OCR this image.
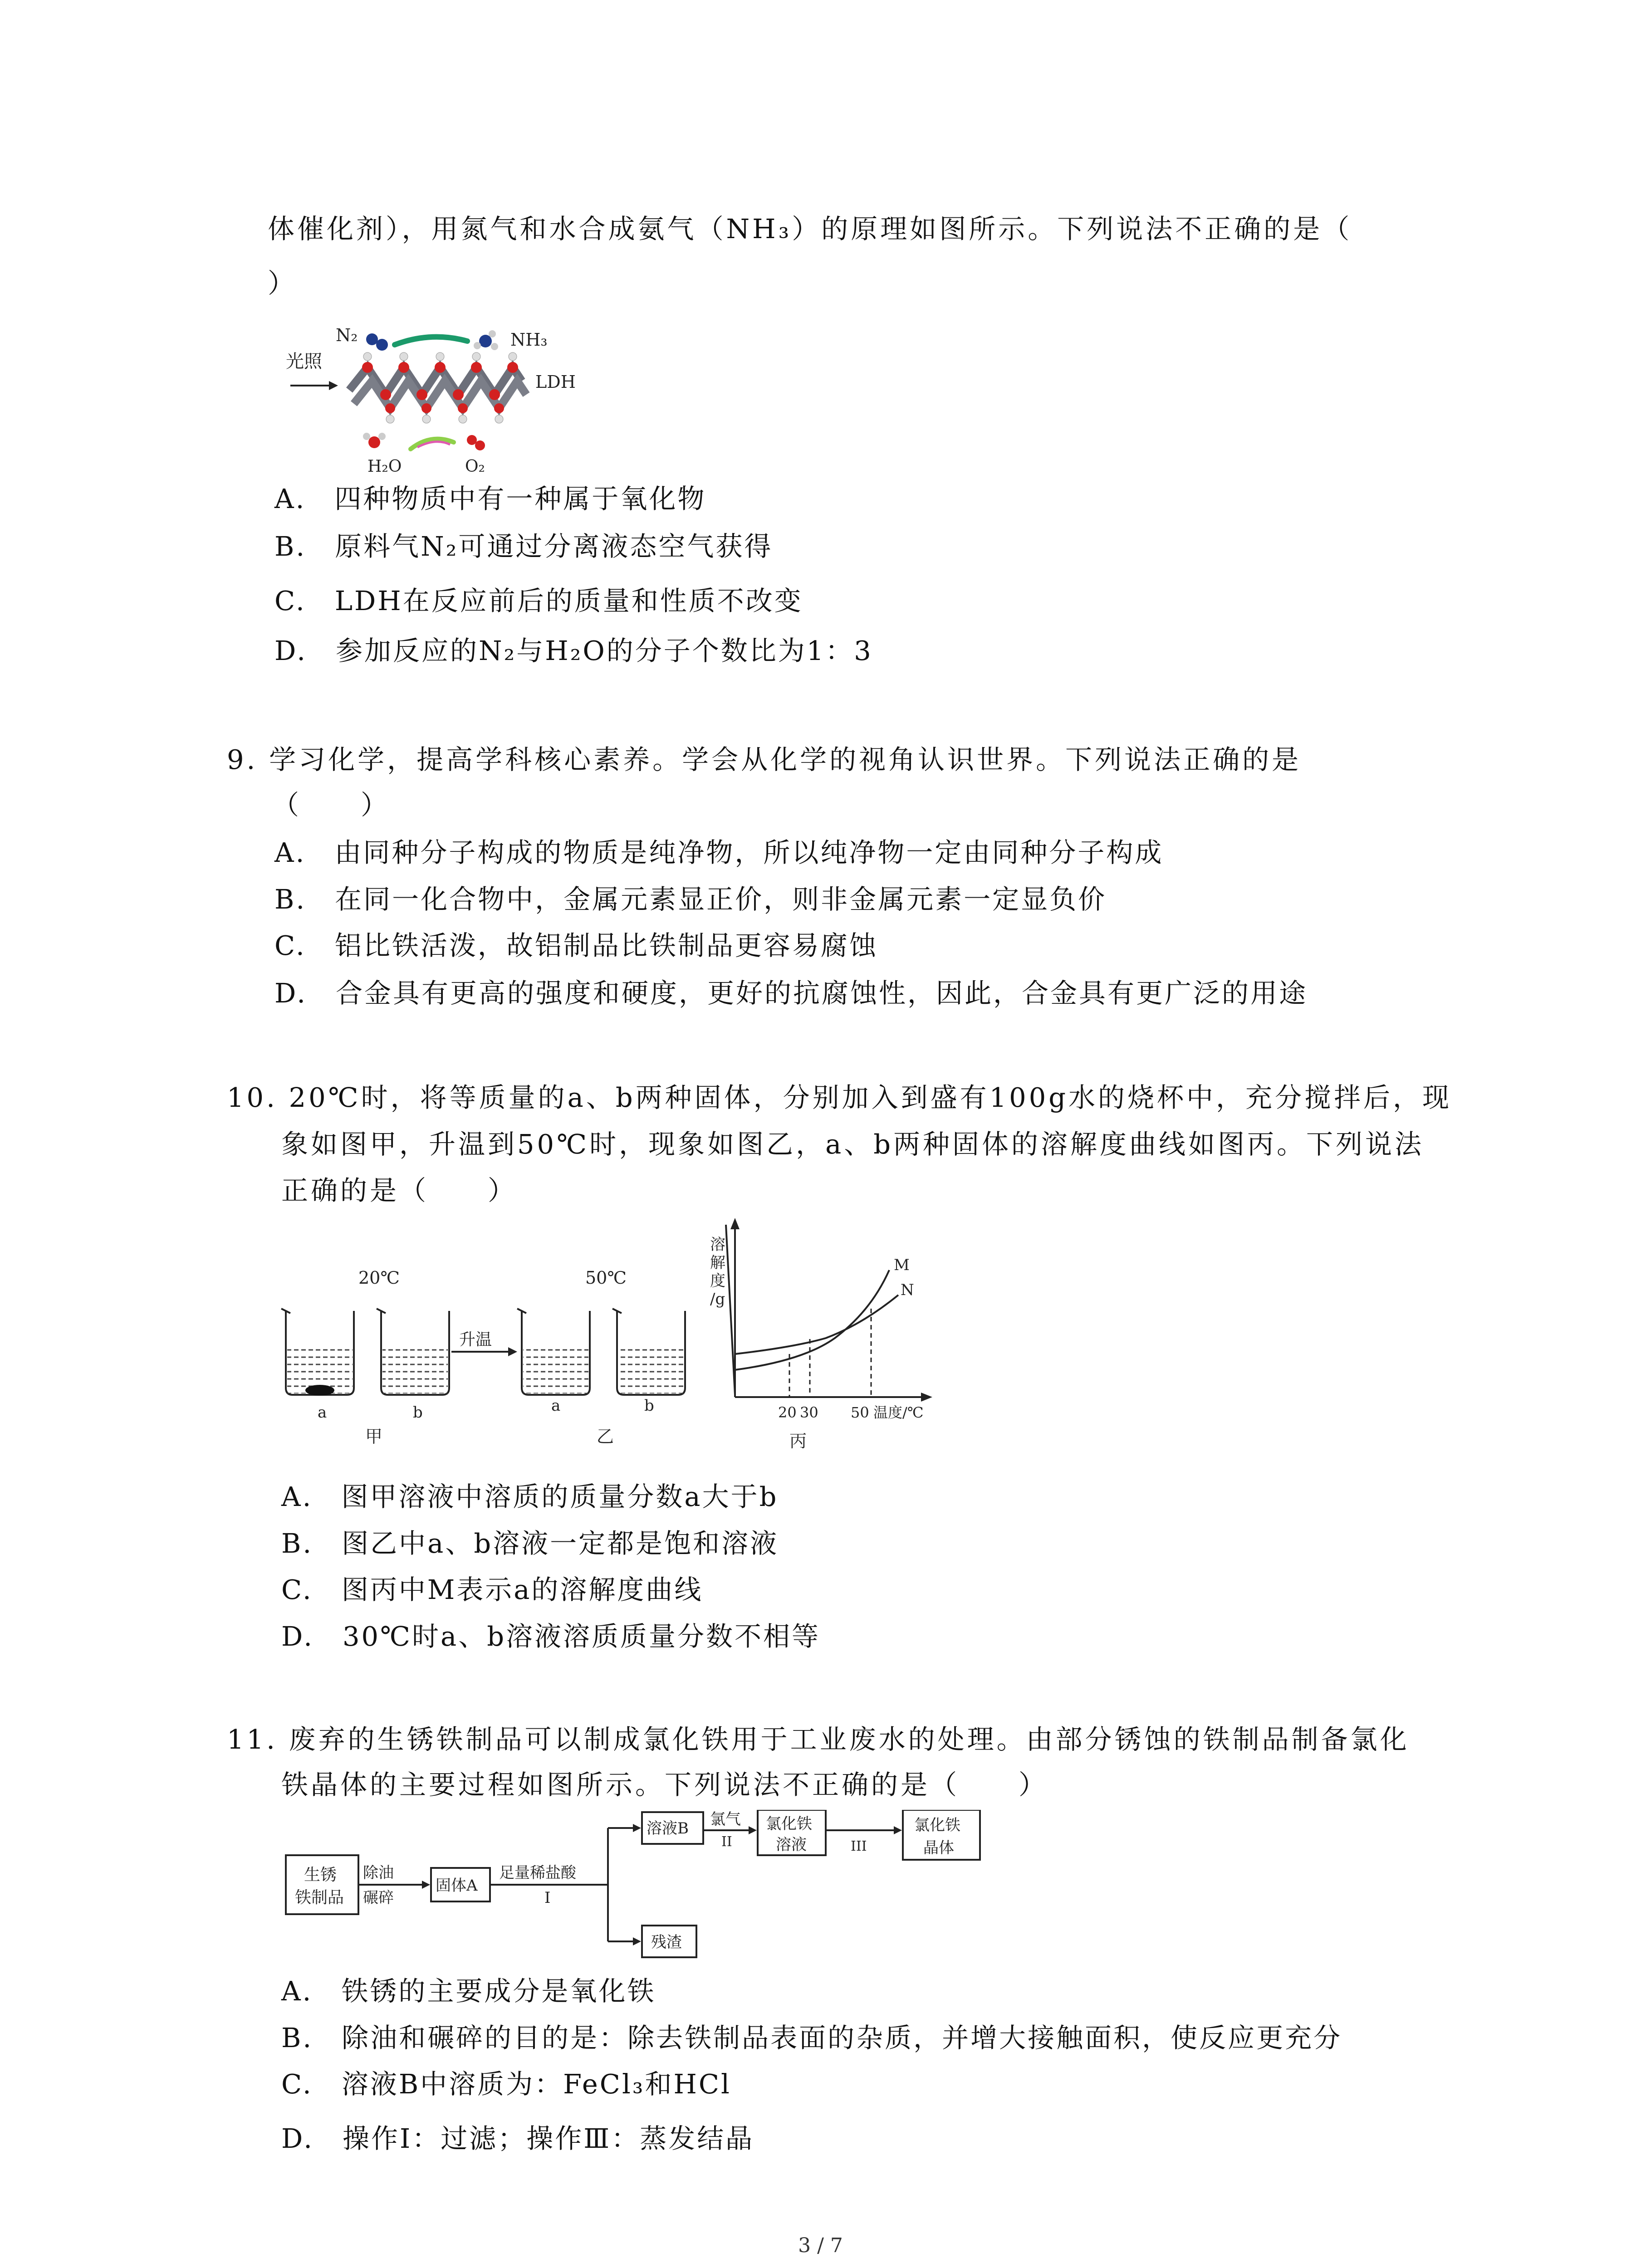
体催化剂），用氮气和水合成氨气（NH₃）的原理如图所示。下列说法不正确的是（
）
N₂	NH₃
光照
LDH
H₂O	O₂
A.　 四种物质中有一种属于氧化物
B.　 原料气N₂可通过分离液态空气获得
C.　 LDH在反应前后的质量和性质不改变
D.　 参加反应的N₂与H₂O的分子个数比为1：3
9. 学习化学，提高学科核心素养。学会从化学的视角认识世界。下列说法正确的是
（　　）
A.　 由同种分子构成的物质是纯净物，所以纯净物一定由同种分子构成
B.　 在同一化合物中，金属元素显正价，则非金属元素一定显负价
C.　 铝比铁活泼，故铝制品比铁制品更容易腐蚀
D.　 合金具有更高的强度和硬度，更好的抗腐蚀性，因此，合金具有更广泛的用途
10. 20℃时，将等质量的a、b两种固体，分别加入到盛有100g水的烧杯中，充分搅拌后，现
象如图甲，升温到50℃时，现象如图乙，a、b两种固体的溶解度曲线如图丙。下列说法
正确的是（　　）
20℃	50℃
a	b
甲
升温
a	b
乙
溶
解
度
/g
M
N
20 30 50 温度/℃
丙
A.　 图甲溶液中溶质的质量分数a大于b
B.　 图乙中a、b溶液一定都是饱和溶液
C.　 图丙中M表示a的溶解度曲线
D.　 30℃时a、b溶液溶质质量分数不相等
11. 废弃的生锈铁制品可以制成氯化铁用于工业废水的处理。由部分锈蚀的铁制品制备氯化
铁晶体的主要过程如图所示。下列说法不正确的是（　　）
生锈
铁制品
除油
碾碎
固体A
足量稀盐酸
I
溶液B 氯气
II
氯化铁
溶液	III
氯化铁
晶体
残渣
A.　 铁锈的主要成分是氧化铁
B.　 除油和碾碎的目的是：除去铁制品表面的杂质，并增大接触面积，使反应更充分
C.　 溶液B中溶质为：FeCl₃和HCl
D.　 操作Ⅰ：过滤；操作Ⅲ：蒸发结晶
3 / 7
